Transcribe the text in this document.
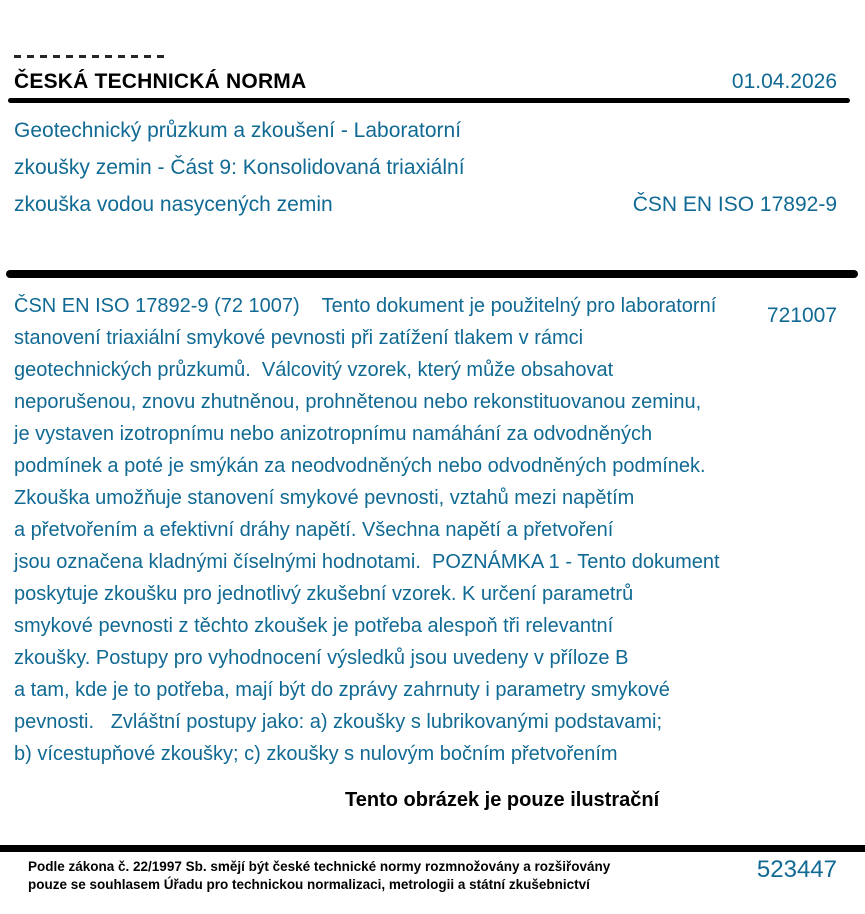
ČESKÁ TECHNICKÁ NORMA	01.04.2026
Geotechnický průzkum a zkoušení - Laboratorní
zkoušky zemin - Část 9: Konsolidovaná triaxiální
zkouška vodou nasycených zemin

	ČSN EN ISO 17892-9

721007

ČSN EN ISO 17892-9 (72 1007)    Tento dokument je použitelný pro laboratorní
stanovení triaxiální smykové pevnosti při zatížení tlakem v rámci
geotechnických průzkumů.  Válcovitý vzorek, který může obsahovat
neporušenou, znovu zhutněnou, prohnětenou nebo rekonstituovanou zeminu,
je vystaven izotropnímu nebo anizotropnímu namáhání za odvodněných
podmínek a poté je smýkán za neodvodněných nebo odvodněných podmínek.
Zkouška umožňuje stanovení smykové pevnosti, vztahů mezi napětím
a přetvořením a efektivní dráhy napětí. Všechna napětí a přetvoření
jsou označena kladnými číselnými hodnotami.  POZNÁMKA 1 - Tento dokument
poskytuje zkoušku pro jednotlivý zkušební vzorek. K určení parametrů
smykové pevnosti z těchto zkoušek je potřeba alespoň tři relevantní
zkoušky. Postupy pro vyhodnocení výsledků jsou uvedeny v příloze B
a tam, kde je to potřeba, mají být do zprávy zahrnuty i parametry smykové
pevnosti.   Zvláštní postupy jako: a) zkoušky s lubrikovanými podstavami;
b) vícestupňové zkoušky; c) zkoušky s nulovým bočním přetvořením
Tento obrázek je pouze ilustrační
Podle zákona č. 22/1997 Sb. smějí být české technické normy rozmnožovány a rozšiřovány
pouze se souhlasem Úřadu pro technickou normalizaci, metrologii a státní zkušebnictví
523447
